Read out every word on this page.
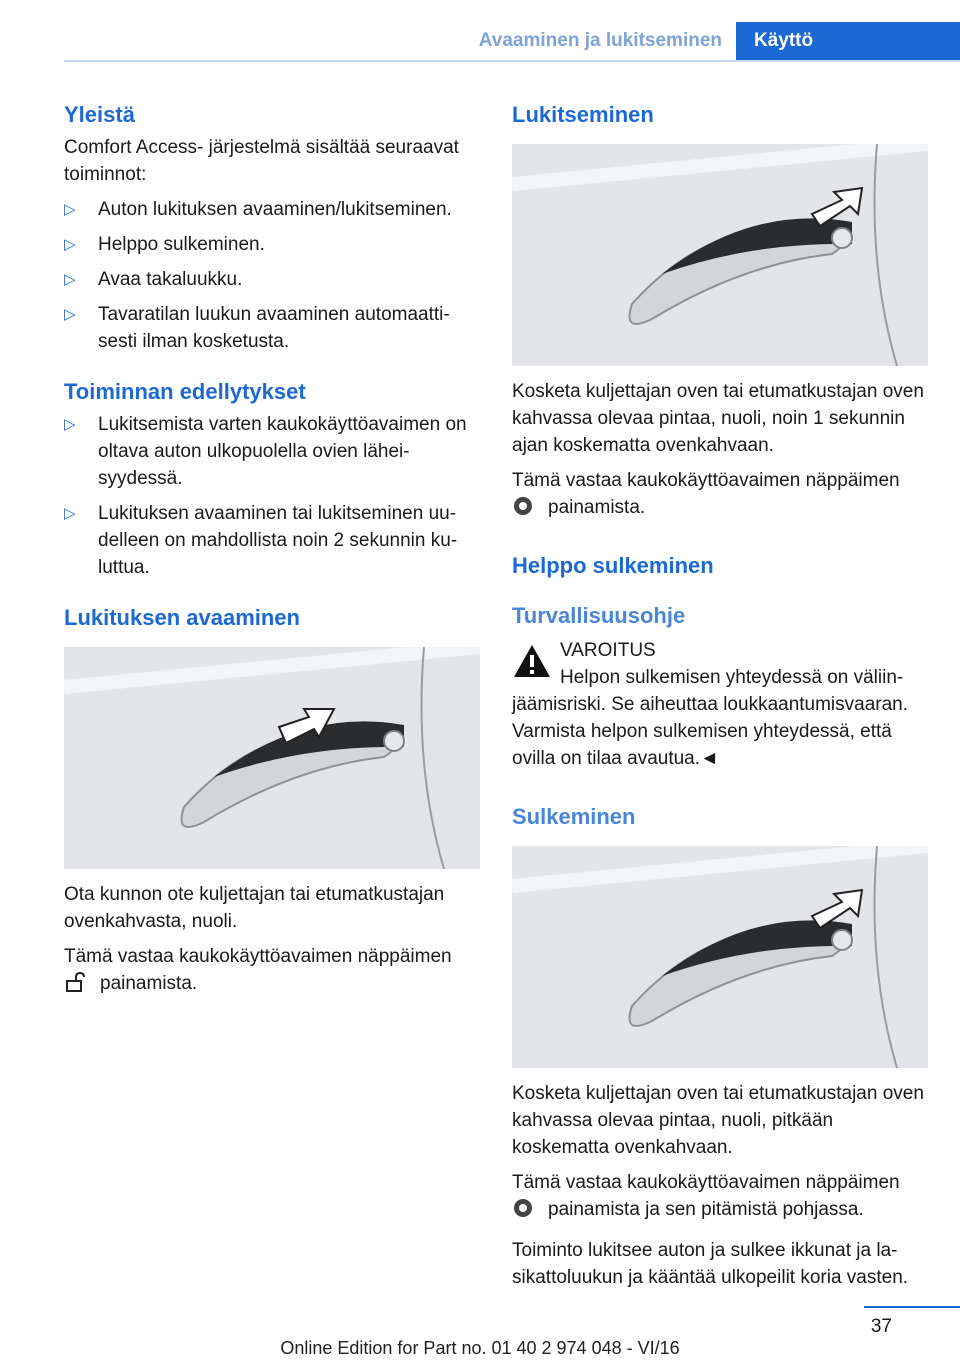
Avaaminen ja lukitseminen	Käyttö
Yleistä

Comfort Access- järjestelmä sisältää seuraavat toiminnot:

▷ Auton lukituksen avaaminen/lukitseminen.
▷ Helppo sulkeminen.
▷ Avaa takaluukku.
▷ Tavaratilan luukun avaaminen automaattisesti ilman kosketusta.
Toiminnan edellytykset
▷ Lukitsemista varten kaukokäyttöavaimen on oltava auton ulkopuolella ovien läheisyydessä.
▷ Lukituksen avaaminen tai lukitseminen uudelleen on mahdollista noin 2 sekunnin kuluttua.
Lukituksen avaaminen

Ota kunnon ote kuljettajan tai etumatkustajan ovenkahvasta, nuoli.

Tämä vastaa kaukokäyttöavaimen näppäimen
painamista.

Lukitseminen

Kosketa kuljettajan oven tai etumatkustajan oven kahvassa olevaa pintaa, nuoli, noin 1 sekunnin ajan koskematta ovenkahvaan.

Tämä vastaa kaukokäyttöavaimen näppäimen
painamista.

Helppo sulkeminen
Turvallisuusohje

VAROITUS

Helpon sulkemisen yhteydessä on väliinjäämisriski. Se aiheuttaa loukkaantumisvaaran. Varmista helpon sulkemisen yhteydessä, että ovilla on tilaa avautua.◄

Sulkeminen

Kosketa kuljettajan oven tai etumatkustajan oven kahvassa olevaa pintaa, nuoli, pitkään koskematta ovenkahvaan.

Tämä vastaa kaukokäyttöavaimen näppäimen
painamista ja sen pitämistä pohjassa.

Toiminto lukitsee auton ja sulkee ikkunat ja lasikattoluukun ja kääntää ulkopeilit koria vasten.

37
Online Edition for Part no. 01 40 2 974 048 - VI/16
